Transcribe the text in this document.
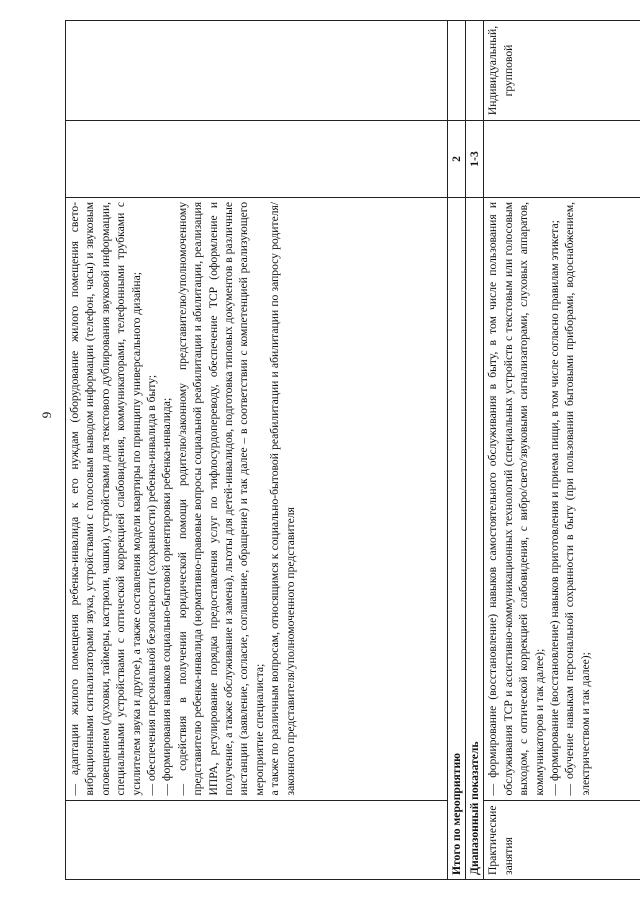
9

	— адаптации жилого помещения ребенка-инвалида к его нуждам (оборудование жилого помещения свето-вибрационными сигнализаторами звука, устройствами с голосовым выводом информации (телефон, часы) и звуковым оповещением (духовки, таймеры, кастрюли, чашки), устройствами для текстового дублирования звуковой информации, специальными устройствами с оптической коррекцией слабовидения, коммуникаторами, телефонными трубками с усилителем звука и другое), а также составления модели квартиры по принципу универсального дизайна; — обеспечения персональной безопасности (сохранности) ребенка-инвалида в быту; — формирования навыков социально-бытовой ориентировки ребенка-инвалида; — содействия в получении юридической помощи родителю/законному представителю/уполномоченному представителю ребенка-инвалида (нормативно-правовые вопросы социальной реабилитации и абилитации, реализация ИПРА, регулирование порядка предоставления услуг по тифлосурдопереводу, обеспечение ТСР (оформление и получение, а также обслуживание и замена), льготы для детей-инвалидов, подготовка типовых документов в различные инстанции (заявление, согласие, соглашение, обращение) и так далее – в соответствии с компетенцией реализующего мероприятие специалиста; а также по различным вопросам, относящимся к социально-бытовой реабилитации и абилитации по запросу родителя/законного представителя/уполномоченного представителя		

Итого по мероприятию		2	
Диапазонный показатель		1-3	
Практические занятия	— формирование (восстановление) навыков самостоятельного обслуживания в быту, в том числе пользования и обслуживания ТСР и ассистивно-коммуникационных технологий (специальных устройств с текстовым или голосовым выходом, с оптической коррекцией слабовидения, с вибро/свето/звуковыми сигнализаторами, слуховых аппаратов, коммуникаторов и так далее); — формирование (восстановление) навыков приготовления и приема пищи, в том числе согласно правилам этикета; — обучение навыкам персональной сохранности в быту (при пользовании бытовыми приборами, водоснабжением, электричеством и так далее);		Индивидуальный, групповой
